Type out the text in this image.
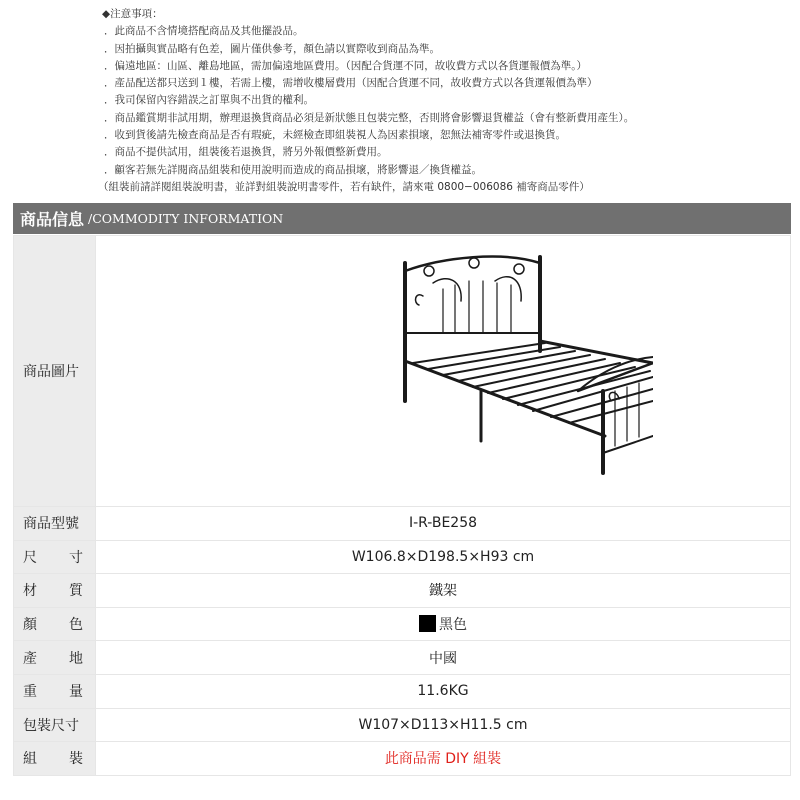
◆注意事項：
．此商品不含情境搭配商品及其他擺設品。
．因拍攝與實品略有色差，圖片僅供參考，顏色請以實際收到商品為準。
．偏遠地區：山區、離島地區，需加偏遠地區費用。（因配合貨運不同，故收費方式以各貨運報價為準。）
．產品配送都只送到１樓，若需上樓，需增收樓層費用（因配合貨運不同，故收費方式以各貨運報價為準）
．我司保留內容錯誤之訂單與不出貨的權利。
．商品鑑賞期非試用期，辦理退換貨商品必須是新狀態且包裝完整，否則將會影響退貨權益（會有整新費用產生）。
．收到貨後請先檢查商品是否有瑕疵，未經檢查即組裝視人為因素損壞，恕無法補寄零件或退換貨。
．商品不提供試用，組裝後若退換貨，將另外報價整新費用。
．顧客若無先詳閱商品組裝和使用說明而造成的商品損壞，將影響退／換貨權益。
（組裝前請詳閱組裝說明書，並詳對組裝說明書零件，若有缺件，請來電 0800−006086 補寄商品零件）
商品信息 /COMMODITY INFORMATION
商品圖片

商品型號	I-R-BE258

尺 寸	W106.8×D198.5×H93 cm

材 質	鐵架

顏 色	黑色

產 地	中國

重 量	11.6KG

包裝尺寸	W107×D113×H11.5 cm

組 裝	此商品需 DIY 組裝
